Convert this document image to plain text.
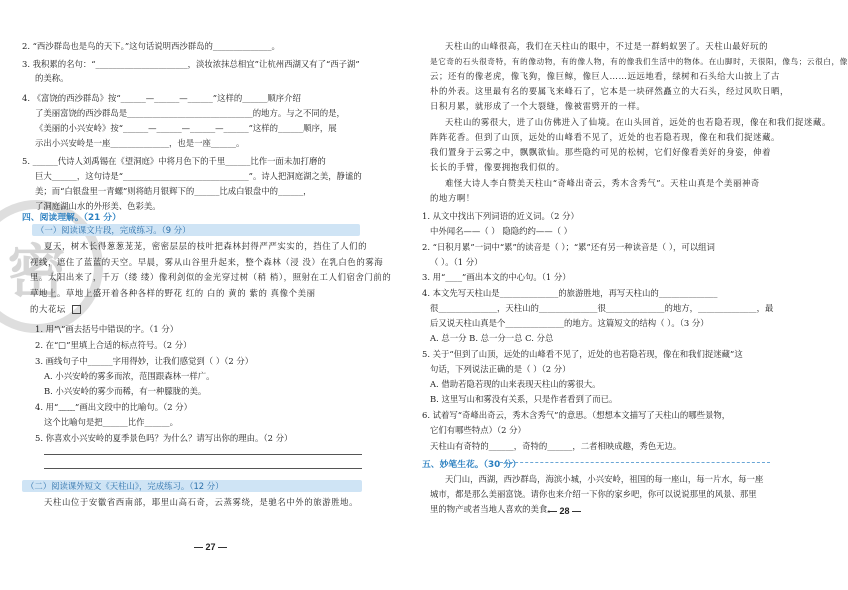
密
2. “西沙群岛也是鸟的天下。”这句话说明西沙群岛的______________。
3. 我积累的名句：“______________________，淡妆浓抹总相宜”让杭州西湖又有了“西子湖”
的美称。
4. 《富饶的西沙群岛》按“______—______—______”这样的______顺序介绍
了美丽富饶的西沙群岛是______________________________的地方。与之不同的是，
《美丽的小兴安岭》按“______—______—______—______”这样的______顺序，展
示出小兴安岭是一座______________，也是一座______。
5. ______代诗人刘禹锡在《望洞庭》中将月色下的千里______比作一面未加打磨的
巨大______，这句诗是“______________________________”。诗人把洞庭湖之美，静谧的
美；而“白银盘里一青螺”则将皓月银辉下的______比成白银盘中的______，
了洞庭湖山水的外形美、色彩美。
四、阅读理解。（21 分）
（一）阅读课文片段，完成练习。（9 分）
夏天，树木长得葱葱茏茏，密密层层的枝叶把森林封得严严实实的，挡住了人们的
视线，遮住了蓝蓝的天空。早晨，雾从山谷里升起来，整个森林（浸 没）在乳白色的雾海
里。太阳出来了，千万（缕 缕）像利剑似的金光穿过树（稍 梢），照射在工人们宿舍门前的
草地上。草地上盛开着各种各样的野花 红的 白的 黄的 紫的 真像个美丽
的大花坛
1. 用“\”画去括号中错误的字。（1 分）
2. 在“□”里填上合适的标点符号。（2 分）
3. 画线句子中______字用得妙，让我们感觉到（ ）（2 分）
A. 小兴安岭的雾多而浓，范围跟森林一样广。
B. 小兴安岭的雾少而稀，有一种朦胧的美。
4. 用“﹏﹏”画出文段中的比喻句。（2 分）
这个比喻句是把______比作______。
5. 你喜欢小兴安岭的夏季景色吗？为什么？请写出你的理由。（2 分）
（二）阅读课外短文《天柱山》，完成练习。（12 分）
天柱山位于安徽省西南部，耶里山高石奇，云蒸雾绕，是驰名中外的旅游胜地。
— 27 —
天柱山的山峰很高，我们在天柱山的眼中，不过是一群蚂蚁罢了。天柱山最好玩的
是它奇的石头很奇特，有的像动物，有的像人物，有的像我们生活中的物体。在山脚时，天很阳，像鸟；云很白，像
云；还有的像老虎，像飞狗，像巨鲸，像巨人……远远地看，绿树和石头给大山披上了古
朴的外表。这里最有名的要属飞来峰石了，它本是一块砰然矗立的大石头，经过风吹日晒，
日积月累，就形成了一个大裂缝，像被雷劈开的一样。
天柱山的雾很大，进了山仿佛进入了仙境。在山头回首，远处的也若隐若现，像在和我们捉迷藏。
阵阵花香。但到了山顶，远处的山峰看不见了，近处的也若隐若现，像在和我们捉迷藏。
我们置身于云雾之中，飘飘欲仙。那些隐约可见的松树，它们好像看美好的身姿，伸着
长长的手臂，像要拥抱我们似的。
难怪大诗人李白赞美天柱山“奇峰出奇云，秀木含秀气”。天柱山真是个美丽神奇
的地方啊！
1. 从文中找出下列词语的近义词。（2 分）
中外闻名——（ ） 隐隐约约——（ ）
2. “日积月累”一词中“累”的读音是（ ）；“累”还有另一种读音是（ ），可以组词
（ ）。（1 分）
3. 用“____”画出本文的中心句。（1 分）
4. 本文先写天柱山是______________的旅游胜地，再写天柱山的______________
很______________，天柱山的______________很______________的地方，______________，最
后又说天柱山真是个______________的地方。这篇短文的结构（ ）。（3 分）
A. 总一分 B. 总一分一总 C. 分总
5. 关于“但到了山顶，远处的山峰看不见了，近处的也若隐若现，像在和我们捉迷藏”这
句话，下列说法正确的是（ ）（2 分）
A. 借助若隐若现的山来表现天柱山的雾很大。
B. 这里写山和雾没有关系，只是作者看到了而已。
6. 试着写“奇峰出奇云，秀木含秀气”的意思。（想想本文描写了天柱山的哪些景物，
它们有哪些特点）（2 分）
天柱山有奇特的______，奇特的______，二者相映成趣，秀色无边。
五、妙笔生花。（30 分）
天门山，西湖，西沙群岛，海滨小城，小兴安岭，祖国的每一座山，每一片水，每一座
城市，都是那么美丽富饶。请你也来介绍一下你的家乡吧，你可以说说那里的风景、那里
里的物产或者当地人喜欢的美食。
— 28 —
